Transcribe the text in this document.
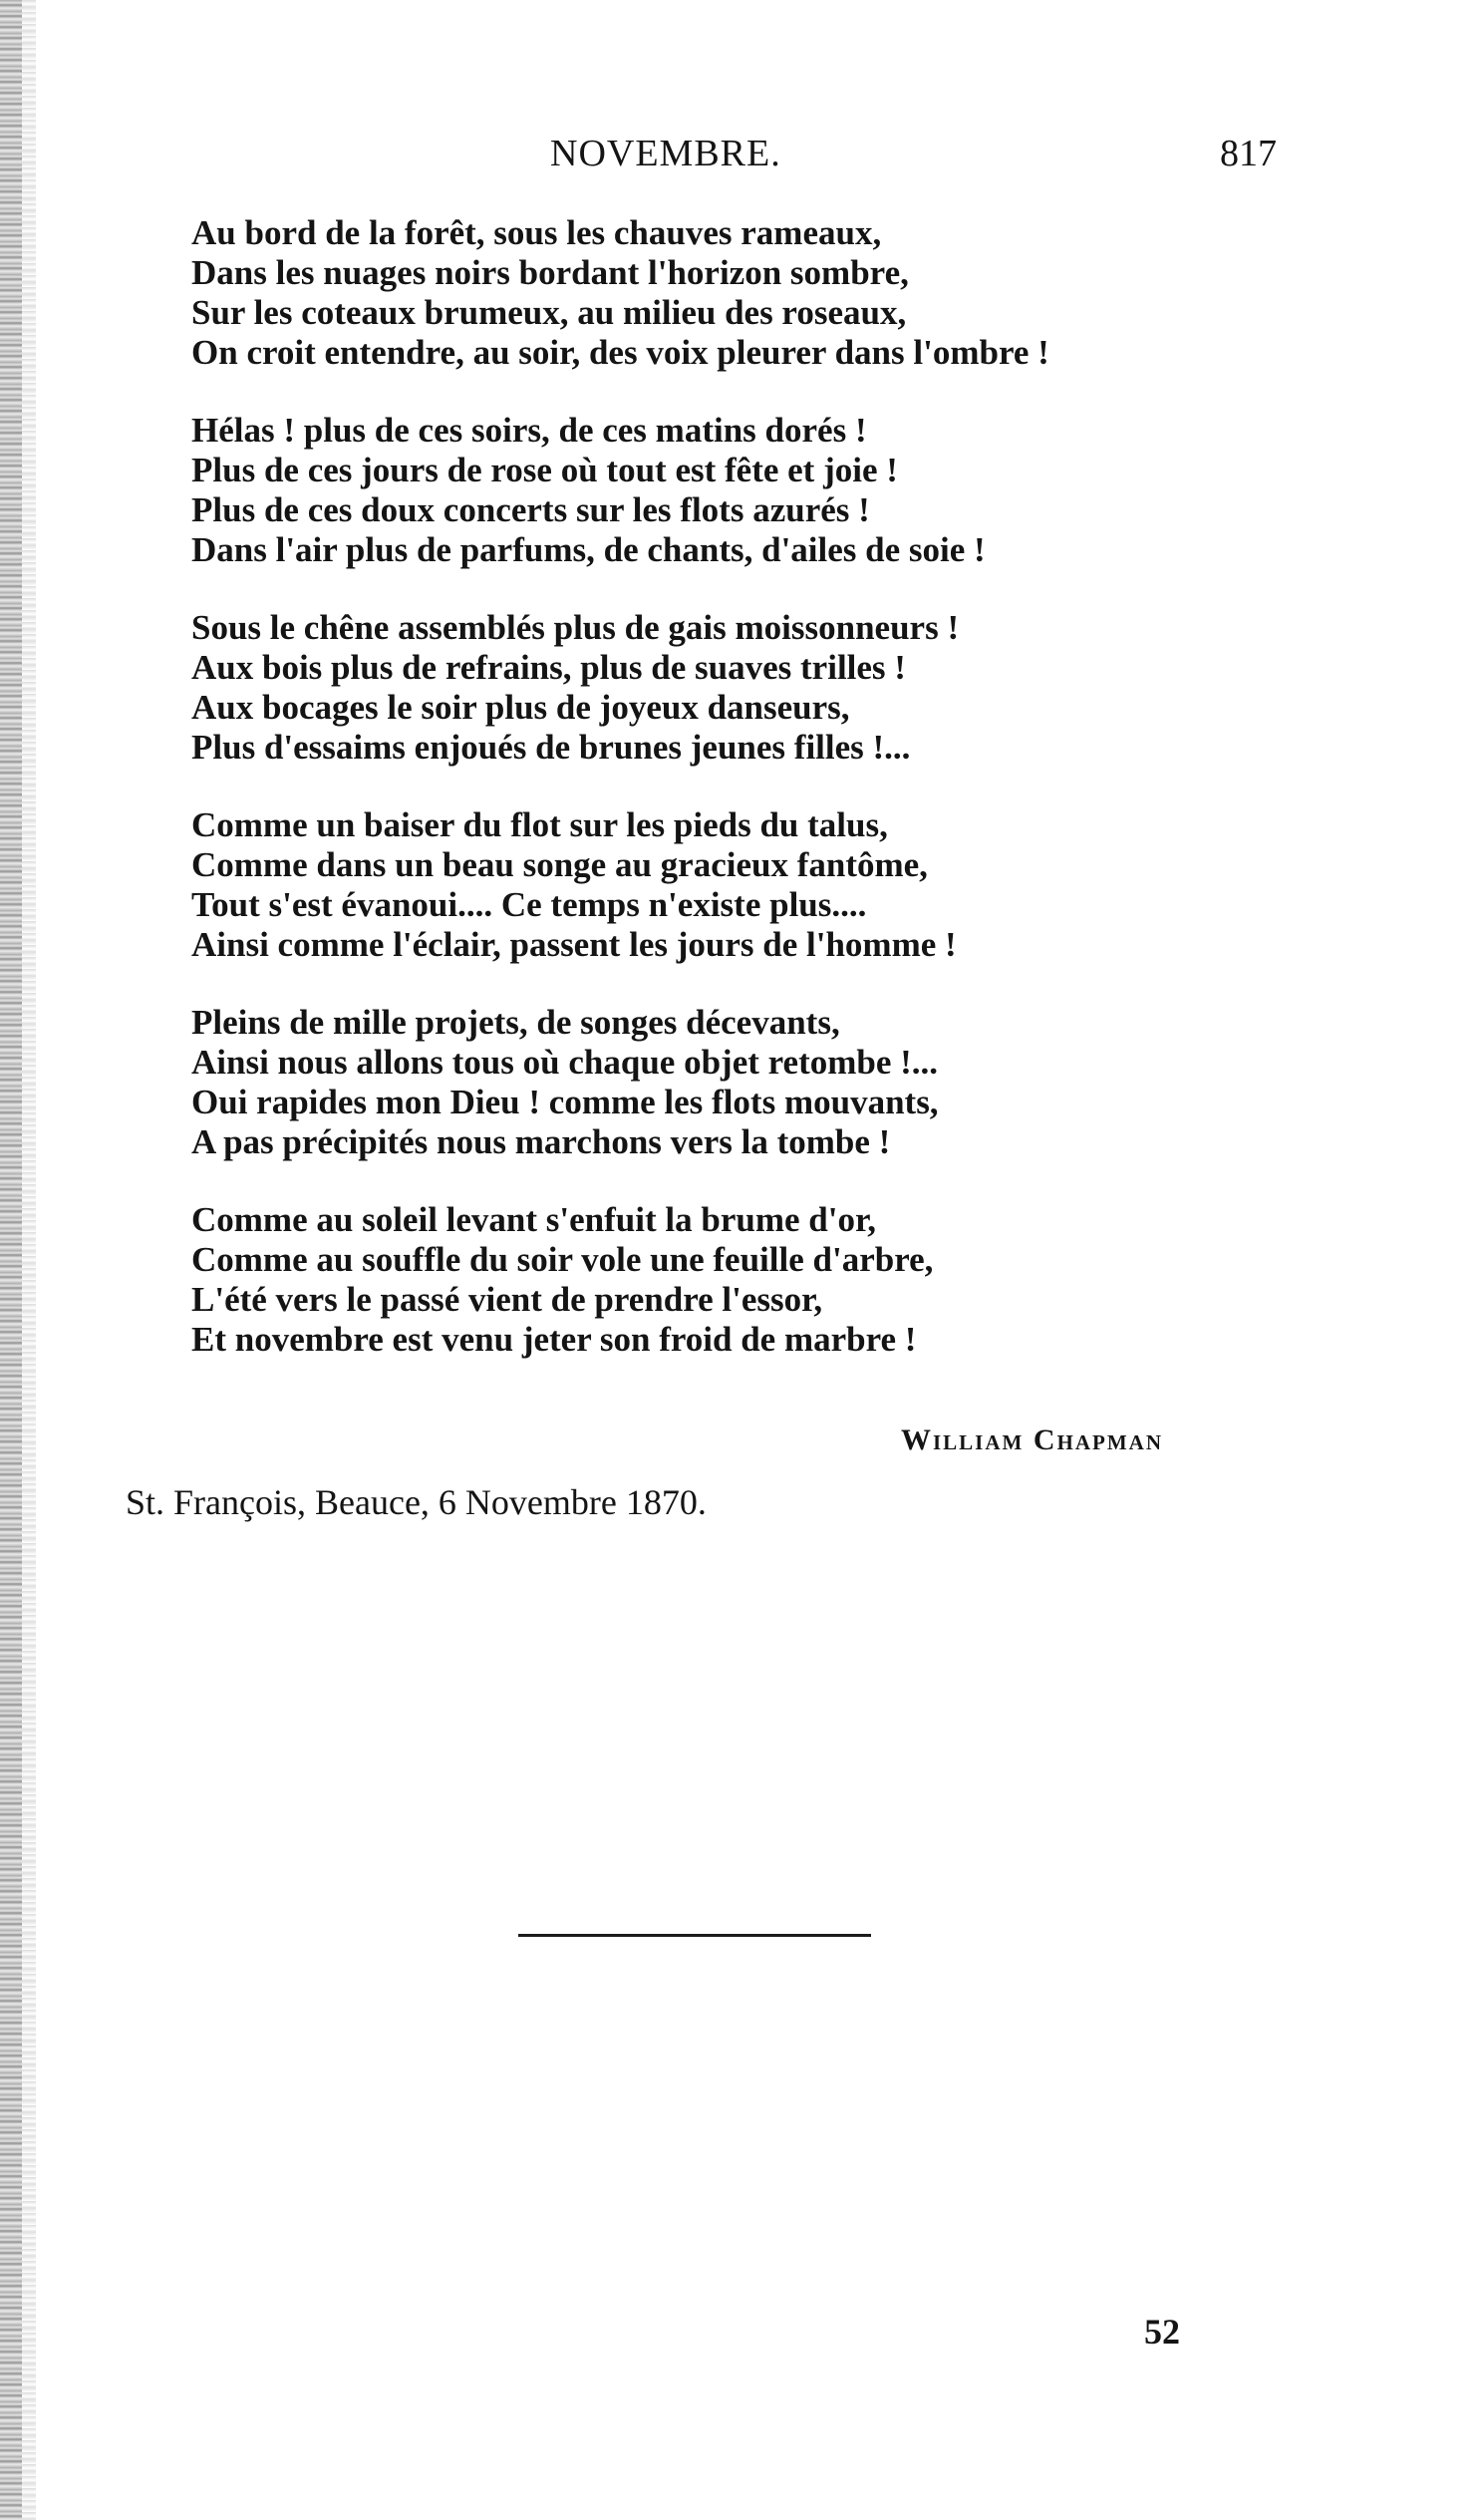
NOVEMBRE.	817
Au bord de la forêt, sous les chauves rameaux,
Dans les nuages noirs bordant l'horizon sombre,
Sur les coteaux brumeux, au milieu des roseaux,
On croit entendre, au soir, des voix pleurer dans l'ombre !
Hélas ! plus de ces soirs, de ces matins dorés !
Plus de ces jours de rose où tout est fête et joie !
Plus de ces doux concerts sur les flots azurés !
Dans l'air plus de parfums, de chants, d'ailes de soie !
Sous le chêne assemblés plus de gais moissonneurs !
Aux bois plus de refrains, plus de suaves trilles !
Aux bocages le soir plus de joyeux danseurs,
Plus d'essaims enjoués de brunes jeunes filles !...
Comme un baiser du flot sur les pieds du talus,
Comme dans un beau songe au gracieux fantôme,
Tout s'est évanoui.... Ce temps n'existe plus....
Ainsi comme l'éclair, passent les jours de l'homme !
Pleins de mille projets, de songes décevants,
Ainsi nous allons tous où chaque objet retombe !...
Oui rapides mon Dieu ! comme les flots mouvants,
A pas précipités nous marchons vers la tombe !
Comme au soleil levant s'enfuit la brume d'or,
Comme au souffle du soir vole une feuille d'arbre,
L'été vers le passé vient de prendre l'essor,
Et novembre est venu jeter son froid de marbre !
William Chapman
St. François, Beauce, 6 Novembre 1870.
52
